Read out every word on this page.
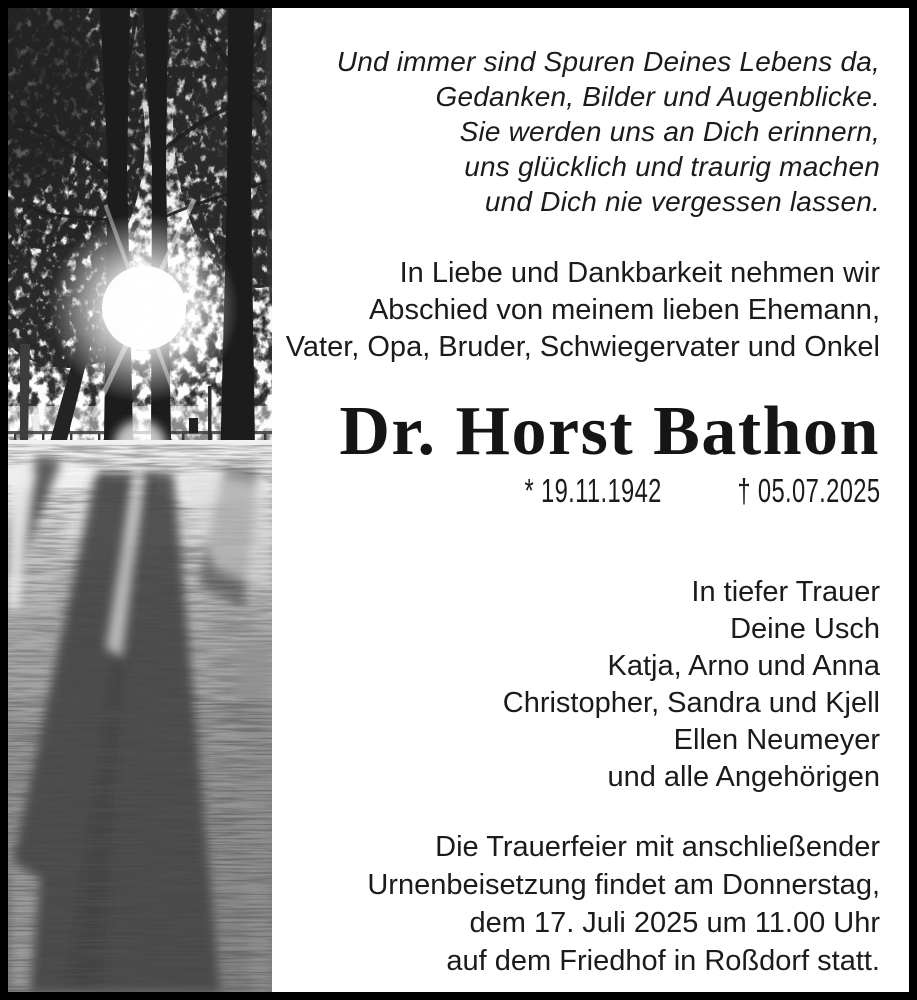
Und immer sind Spuren Deines Lebens da,
Gedanken, Bilder und Augenblicke.
Sie werden uns an Dich erinnern,
uns glücklich und traurig machen
und Dich nie vergessen lassen.
In Liebe und Dankbarkeit nehmen wir
Abschied von meinem lieben Ehemann,
Vater, Opa, Bruder, Schwiegervater und Onkel
Dr. Horst Bathon
* 19.11.1942 † 05.07.2025
In tiefer Trauer
Deine Usch
Katja, Arno und Anna
Christopher, Sandra und Kjell
Ellen Neumeyer
und alle Angehörigen
Die Trauerfeier mit anschließender
Urnenbeisetzung findet am Donnerstag,
dem 17. Juli 2025 um 11.00 Uhr
auf dem Friedhof in Roßdorf statt.
